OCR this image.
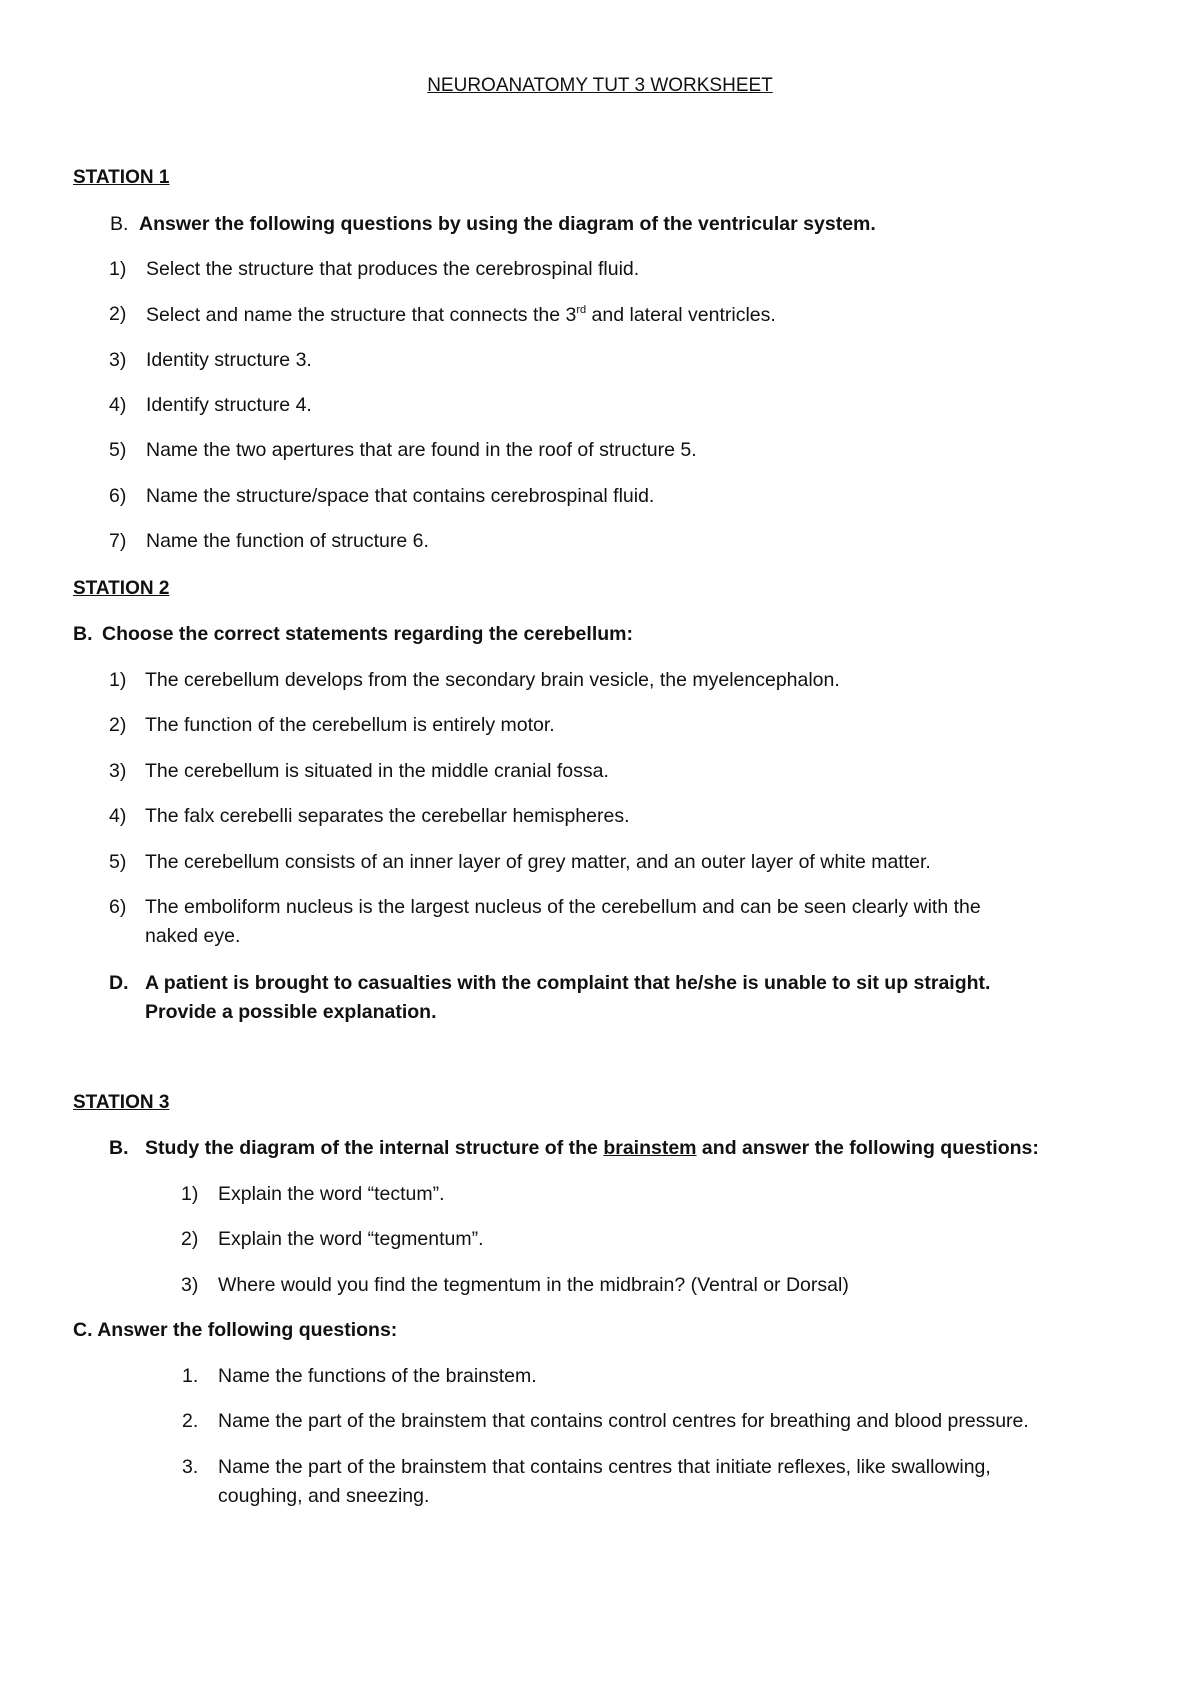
NEUROANATOMY TUT 3 WORKSHEET
STATION 1
B. Answer the following questions by using the diagram of the ventricular system.
1) Select the structure that produces the cerebrospinal fluid.
2) Select and name the structure that connects the 3rd and lateral ventricles.
3) Identity structure 3.
4) Identify structure 4.
5) Name the two apertures that are found in the roof of structure 5.
6) Name the structure/space that contains cerebrospinal fluid.
7) Name the function of structure 6.
STATION 2
B. Choose the correct statements regarding the cerebellum:
1) The cerebellum develops from the secondary brain vesicle, the myelencephalon.
2) The function of the cerebellum is entirely motor.
3) The cerebellum is situated in the middle cranial fossa.
4) The falx cerebelli separates the cerebellar hemispheres.
5) The cerebellum consists of an inner layer of grey matter, and an outer layer of white matter.
6) The emboliform nucleus is the largest nucleus of the cerebellum and can be seen clearly with the
naked eye.
D. A patient is brought to casualties with the complaint that he/she is unable to sit up straight.
Provide a possible explanation.
STATION 3
B. Study the diagram of the internal structure of the brainstem and answer the following questions:
1) Explain the word “tectum”.
2) Explain the word “tegmentum”.
3) Where would you find the tegmentum in the midbrain? (Ventral or Dorsal)
C. Answer the following questions:
1. Name the functions of the brainstem.
2. Name the part of the brainstem that contains control centres for breathing and blood pressure.
3. Name the part of the brainstem that contains centres that initiate reflexes, like swallowing,
coughing, and sneezing.
